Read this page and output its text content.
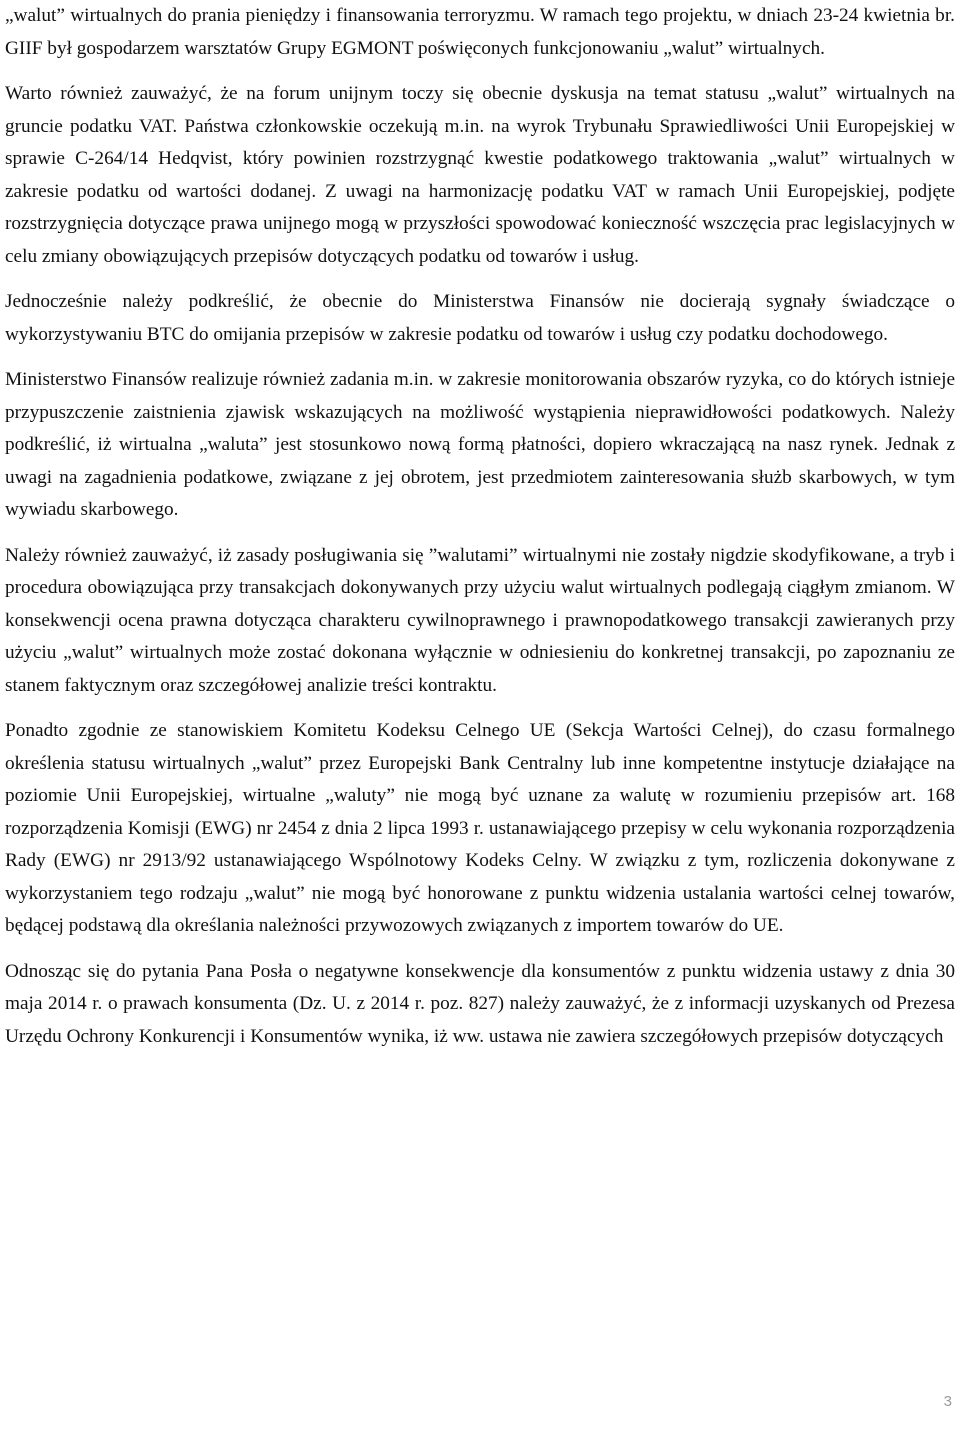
„walut” wirtualnych do prania pieniędzy i finansowania terroryzmu. W ramach tego projektu, w dniach 23-24 kwietnia br. GIIF był gospodarzem warsztatów Grupy EGMONT poświęconych funkcjonowaniu „walut” wirtualnych.

Warto również zauważyć, że na forum unijnym toczy się obecnie dyskusja na temat statusu „walut” wirtualnych na gruncie podatku VAT. Państwa członkowskie oczekują m.in. na wyrok Trybunału Sprawiedliwości Unii Europejskiej w sprawie C-264/14 Hedqvist, który powinien rozstrzygnąć kwestie podatkowego traktowania „walut” wirtualnych w zakresie podatku od wartości dodanej. Z uwagi na harmonizację podatku VAT w ramach Unii Europejskiej, podjęte rozstrzygnięcia dotyczące prawa unijnego mogą w przyszłości spowodować konieczność wszczęcia prac legislacyjnych w celu zmiany obowiązujących przepisów dotyczących podatku od towarów i usług.

Jednocześnie należy podkreślić, że obecnie do Ministerstwa Finansów nie docierają sygnały świadczące o wykorzystywaniu BTC do omijania przepisów w zakresie podatku od towarów i usług czy podatku dochodowego.

Ministerstwo Finansów realizuje również zadania m.in. w zakresie monitorowania obszarów ryzyka, co do których istnieje przypuszczenie zaistnienia zjawisk wskazujących na możliwość wystąpienia nieprawidłowości podatkowych. Należy podkreślić, iż wirtualna „waluta” jest stosunkowo nową formą płatności, dopiero wkraczającą na nasz rynek. Jednak z uwagi na zagadnienia podatkowe, związane z jej obrotem, jest przedmiotem zainteresowania służb skarbowych, w tym wywiadu skarbowego.

Należy również zauważyć, iż zasady posługiwania się ”walutami” wirtualnymi nie zostały nigdzie skodyfikowane, a tryb i procedura obowiązująca przy transakcjach dokonywanych przy użyciu walut wirtualnych podlegają ciągłym zmianom. W konsekwencji ocena prawna dotycząca charakteru cywilnoprawnego i prawnopodatkowego transakcji zawieranych przy użyciu „walut” wirtualnych może zostać dokonana wyłącznie w odniesieniu do konkretnej transakcji, po zapoznaniu ze stanem faktycznym oraz szczegółowej analizie treści kontraktu.

Ponadto zgodnie ze stanowiskiem Komitetu Kodeksu Celnego UE (Sekcja Wartości Celnej), do czasu formalnego określenia statusu wirtualnych „walut” przez Europejski Bank Centralny lub inne kompetentne instytucje działające na poziomie Unii Europejskiej, wirtualne „waluty” nie mogą być uznane za walutę w rozumieniu przepisów art. 168 rozporządzenia Komisji (EWG) nr 2454 z dnia 2 lipca 1993 r. ustanawiającego przepisy w celu wykonania rozporządzenia Rady (EWG) nr 2913/92 ustanawiającego Wspólnotowy Kodeks Celny. W związku z tym, rozliczenia dokonywane z wykorzystaniem tego rodzaju „walut” nie mogą być honorowane z punktu widzenia ustalania wartości celnej towarów, będącej podstawą dla określania należności przywozowych związanych z importem towarów do UE.

Odnosząc się do pytania Pana Posła o negatywne konsekwencje dla konsumentów z punktu widzenia ustawy z dnia 30 maja 2014 r. o prawach konsumenta (Dz. U. z 2014 r. poz. 827) należy zauważyć, że z informacji uzyskanych od Prezesa Urzędu Ochrony Konkurencji i Konsumentów wynika, iż ww. ustawa nie zawiera szczegółowych przepisów dotyczących

3
